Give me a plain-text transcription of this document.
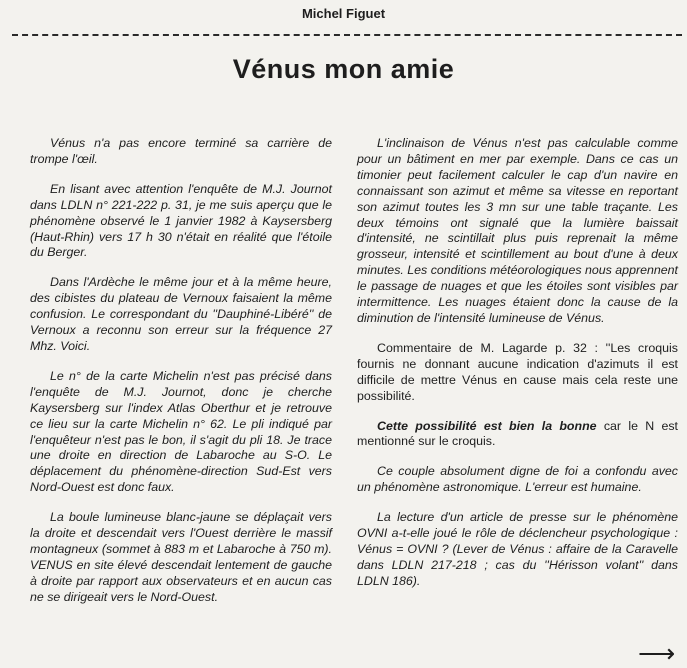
Michel Figuet
Vénus mon amie

Vénus n'a pas encore terminé sa carrière de trompe l'œil.

En lisant avec attention l'enquête de M.J. Journot dans LDLN n° 221-222 p. 31, je me suis aperçu que le phénomène observé le 1 janvier 1982 à Kaysersberg (Haut-Rhin) vers 17 h 30 n'était en réalité que l'étoile du Berger.

Dans l'Ardèche le même jour et à la même heure, des cibistes du plateau de Vernoux faisaient la même confusion. Le correspondant du ''Dauphiné-Libéré'' de Vernoux a reconnu son erreur sur la fréquence 27 Mhz. Voici.

Le n° de la carte Michelin n'est pas précisé dans l'enquête de M.J. Journot, donc je cherche Kaysersberg sur l'index Atlas Oberthur et je retrouve ce lieu sur la carte Michelin n° 62. Le pli indiqué par l'enquêteur n'est pas le bon, il s'agit du pli 18. Je trace une droite en direction de Labaroche au S-O. Le déplacement du phénomène-direction Sud-Est vers Nord-Ouest est donc faux.

La boule lumineuse blanc-jaune se déplaçait vers la droite et descendait vers l'Ouest derrière le massif montagneux (sommet à 883 m et Labaroche à 750 m). VENUS en site élevé descendait lentement de gauche à droite par rapport aux observateurs et en aucun cas ne se dirigeait vers le Nord-Ouest.

L'inclinaison de Vénus n'est pas calculable comme pour un bâtiment en mer par exemple. Dans ce cas un timonier peut facilement calculer le cap d'un navire en connaissant son azimut et même sa vitesse en reportant son azimut toutes les 3 mn sur une table traçante. Les deux témoins ont signalé que la lumière baissait d'intensité, ne scintillait plus puis reprenait la même grosseur, intensité et scintillement au bout d'une à deux minutes. Les conditions météorologiques nous apprennent le passage de nuages et que les étoiles sont visibles par intermittence. Les nuages étaient donc la cause de la diminution de l'intensité lumineuse de Vénus.

Commentaire de M. Lagarde p. 32 : ''Les croquis fournis ne donnant aucune indication d'azimuts il est difficile de mettre Vénus en cause mais cela reste une possibilité.

Cette possibilité est bien la bonne car le N est mentionné sur le croquis.

Ce couple absolument digne de foi a confondu avec un phénomène astronomique. L'erreur est humaine.

La lecture d'un article de presse sur le phénomène OVNI a-t-elle joué le rôle de déclencheur psychologique : Vénus = OVNI ? (Lever de Vénus : affaire de la Caravelle dans LDLN 217-218 ; cas du ''Hérisson volant'' dans LDLN 186).

⟶
